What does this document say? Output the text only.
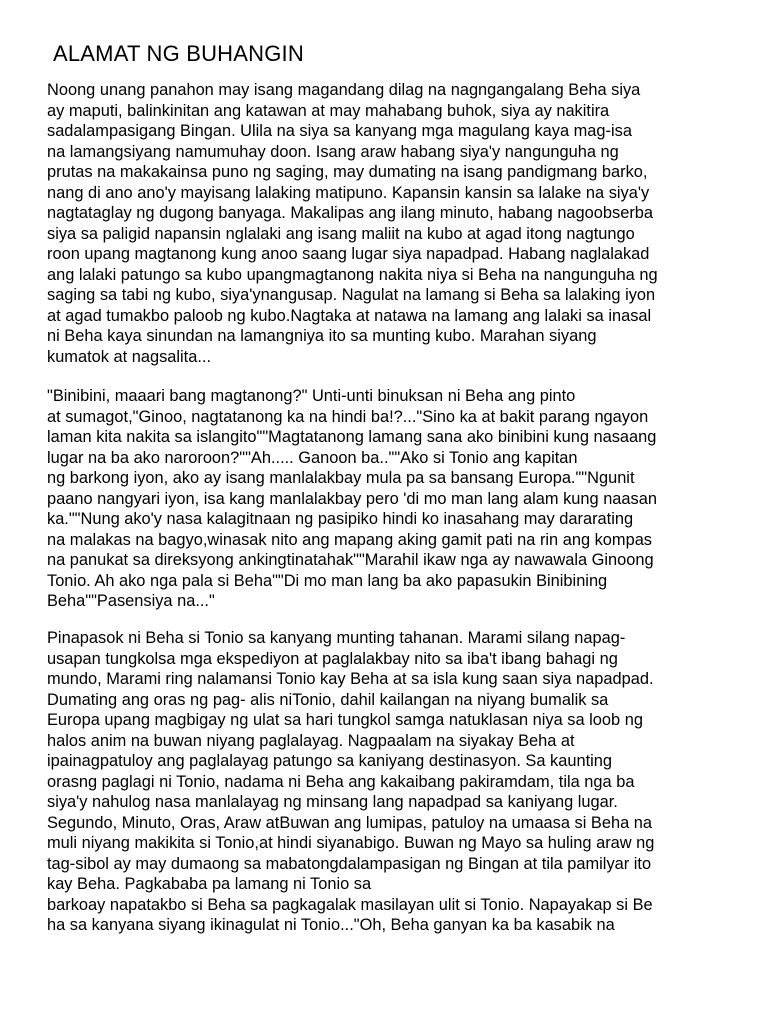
ALAMAT NG BUHANGIN

Noong unang panahon may isang magandang dilag na nagngangalang Beha siya
ay maputi, balinkinitan ang katawan at may mahabang buhok, siya ay nakitira
sadalampasigang Bingan. Ulila na siya sa kanyang mga magulang kaya mag-isa
na lamangsiyang namumuhay doon. Isang araw habang siya'y nangunguha ng
prutas na makakainsa puno ng saging, may dumating na isang pandigmang barko,
nang di ano ano'y mayisang lalaking matipuno. Kapansin kansin sa lalake na siya'y
nagtataglay ng dugong banyaga. Makalipas ang ilang minuto, habang nagoobserba
siya sa paligid napansin nglalaki ang isang maliit na kubo at agad itong nagtungo
roon upang magtanong kung anoo saang lugar siya napadpad. Habang naglalakad
ang lalaki patungo sa kubo upangmagtanong nakita niya si Beha na nangunguha ng
saging sa tabi ng kubo, siya'ynangusap. Nagulat na lamang si Beha sa lalaking iyon
at agad tumakbo paloob ng kubo.Nagtaka at natawa na lamang ang lalaki sa inasal
ni Beha kaya sinundan na lamangniya ito sa munting kubo. Marahan siyang
kumatok at nagsalita...

"Binibini, maaari bang magtanong?" Unti-unti binuksan ni Beha ang pinto
at sumagot,"Ginoo, nagtatanong ka na hindi ba!?..."Sino ka at bakit parang ngayon
laman kita nakita sa islangito""Magtatanong lamang sana ako binibini kung nasaang
lugar na ba ako naroroon?""Ah..... Ganoon ba..""Ako si Tonio ang kapitan
ng barkong iyon, ako ay isang manlalakbay mula pa sa bansang Europa.""Ngunit
paano nangyari iyon, isa kang manlalakbay pero 'di mo man lang alam kung naasan
ka.""Nung ako'y nasa kalagitnaan ng pasipiko hindi ko inasahang may dararating
na malakas na bagyo,winasak nito ang mapang aking gamit pati na rin ang kompas
na panukat sa direksyong ankingtinatahak""Marahil ikaw nga ay nawawala Ginoong
Tonio. Ah ako nga pala si Beha""Di mo man lang ba ako papasukin Binibining
Beha""Pasensiya na..."

Pinapasok ni Beha si Tonio sa kanyang munting tahanan. Marami silang napag-
usapan tungkolsa mga ekspediyon at paglalakbay nito sa iba't ibang bahagi ng
mundo, Marami ring nalamansi Tonio kay Beha at sa isla kung saan siya napadpad.
Dumating ang oras ng pag- alis niTonio, dahil kailangan na niyang bumalik sa
Europa upang magbigay ng ulat sa hari tungkol samga natuklasan niya sa loob ng
halos anim na buwan niyang paglalayag. Nagpaalam na siyakay Beha at
ipainagpatuloy ang paglalayag patungo sa kaniyang destinasyon. Sa kaunting
orasng paglagi ni Tonio, nadama ni Beha ang kakaibang pakiramdam, tila nga ba
siya'y nahulog nasa manlalayag ng minsang lang napadpad sa kaniyang lugar.
Segundo, Minuto, Oras, Araw atBuwan ang lumipas, patuloy na umaasa si Beha na
muli niyang makikita si Tonio,at hindi siyanabigo. Buwan ng Mayo sa huling araw ng
tag-sibol ay may dumaong sa mabatongdalampasigan ng Bingan at tila pamilyar ito
kay Beha. Pagkababa pa lamang ni Tonio sa
barkoay napatakbo si Beha sa pagkagalak masilayan ulit si Tonio. Napayakap si Be
ha sa kanyana siyang ikinagulat ni Tonio..."Oh, Beha ganyan ka ba kasabik na
